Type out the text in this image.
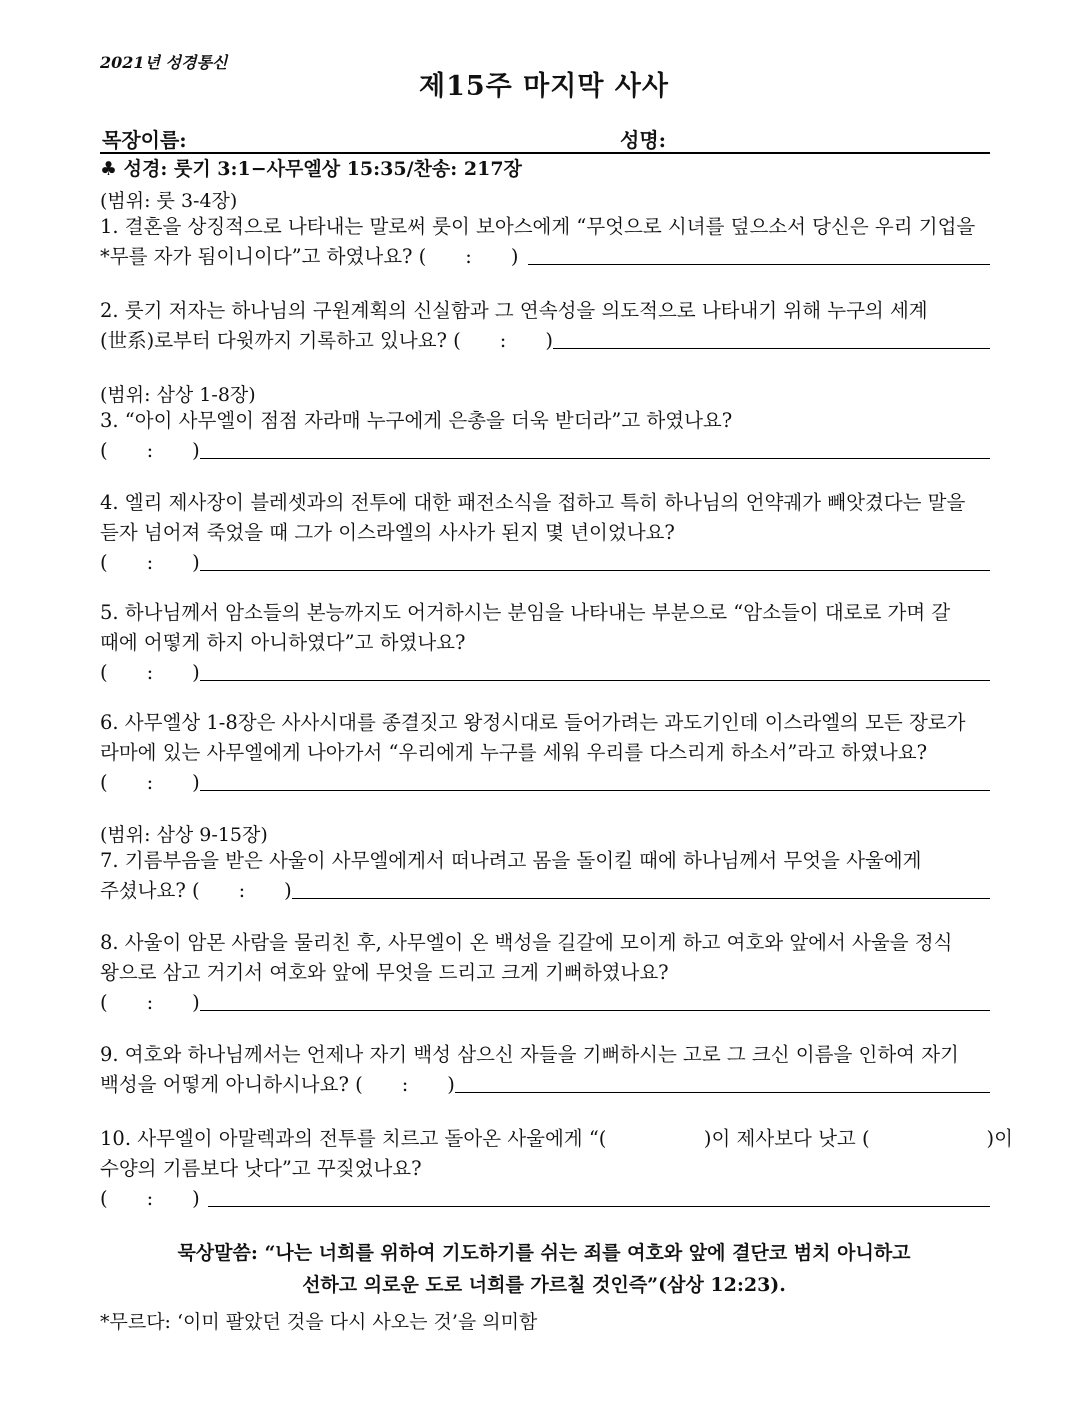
2021년 성경통신
제15주 마지막 사사
목장이름:	성명:
♣ 성경: 룻기 3:1−사무엘상 15:35/찬송: 217장
(범위: 룻 3-4장)
1. 결혼을 상징적으로 나타내는 말로써 룻이 보아스에게 “무엇으로 시녀를 덮으소서 당신은 우리 기업을
*무를 자가 됨이니이다”고 하였나요? (　　:　　)
2. 룻기 저자는 하나님의 구원계획의 신실함과 그 연속성을 의도적으로 나타내기 위해 누구의 세계
(世系)로부터 다윗까지 기록하고 있나요? (　　:　　)
(범위: 삼상 1-8장)
3. “아이 사무엘이 점점 자라매 누구에게 은총을 더욱 받더라”고 하였나요?
(　　:　　)
4. 엘리 제사장이 블레셋과의 전투에 대한 패전소식을 접하고 특히 하나님의 언약궤가 빼앗겼다는 말을
듣자 넘어져 죽었을 때 그가 이스라엘의 사사가 된지 몇 년이었나요?
(　　:　　)
5. 하나님께서 암소들의 본능까지도 어거하시는 분임을 나타내는 부분으로 “암소들이 대로로 가며 갈
때에 어떻게 하지 아니하였다”고 하였나요?
(　　:　　)
6. 사무엘상 1-8장은 사사시대를 종결짓고 왕정시대로 들어가려는 과도기인데 이스라엘의 모든 장로가
라마에 있는 사무엘에게 나아가서 “우리에게 누구를 세워 우리를 다스리게 하소서”라고 하였나요?
(　　:　　)
(범위: 삼상 9-15장)
7. 기름부음을 받은 사울이 사무엘에게서 떠나려고 몸을 돌이킬 때에 하나님께서 무엇을 사울에게
주셨나요? (　　:　　)
8. 사울이 암몬 사람을 물리친 후, 사무엘이 온 백성을 길갈에 모이게 하고 여호와 앞에서 사울을 정식
왕으로 삼고 거기서 여호와 앞에 무엇을 드리고 크게 기뻐하였나요?
(　　:　　)
9. 여호와 하나님께서는 언제나 자기 백성 삼으신 자들을 기뻐하시는 고로 그 크신 이름을 인하여 자기
백성을 어떻게 아니하시나요? (　　:　　)
10. 사무엘이 아말렉과의 전투를 치르고 돌아온 사울에게 “(　　　　　)이 제사보다 낫고 (　　　　　　)이
수양의 기름보다 낫다”고 꾸짖었나요?
(　　:　　)
묵상말씀: “나는 너희를 위하여 기도하기를 쉬는 죄를 여호와 앞에 결단코 범치 아니하고
선하고 의로운 도로 너희를 가르칠 것인즉”(삼상 12:23).
*무르다: ‘이미 팔았던 것을 다시 사오는 것’을 의미함
